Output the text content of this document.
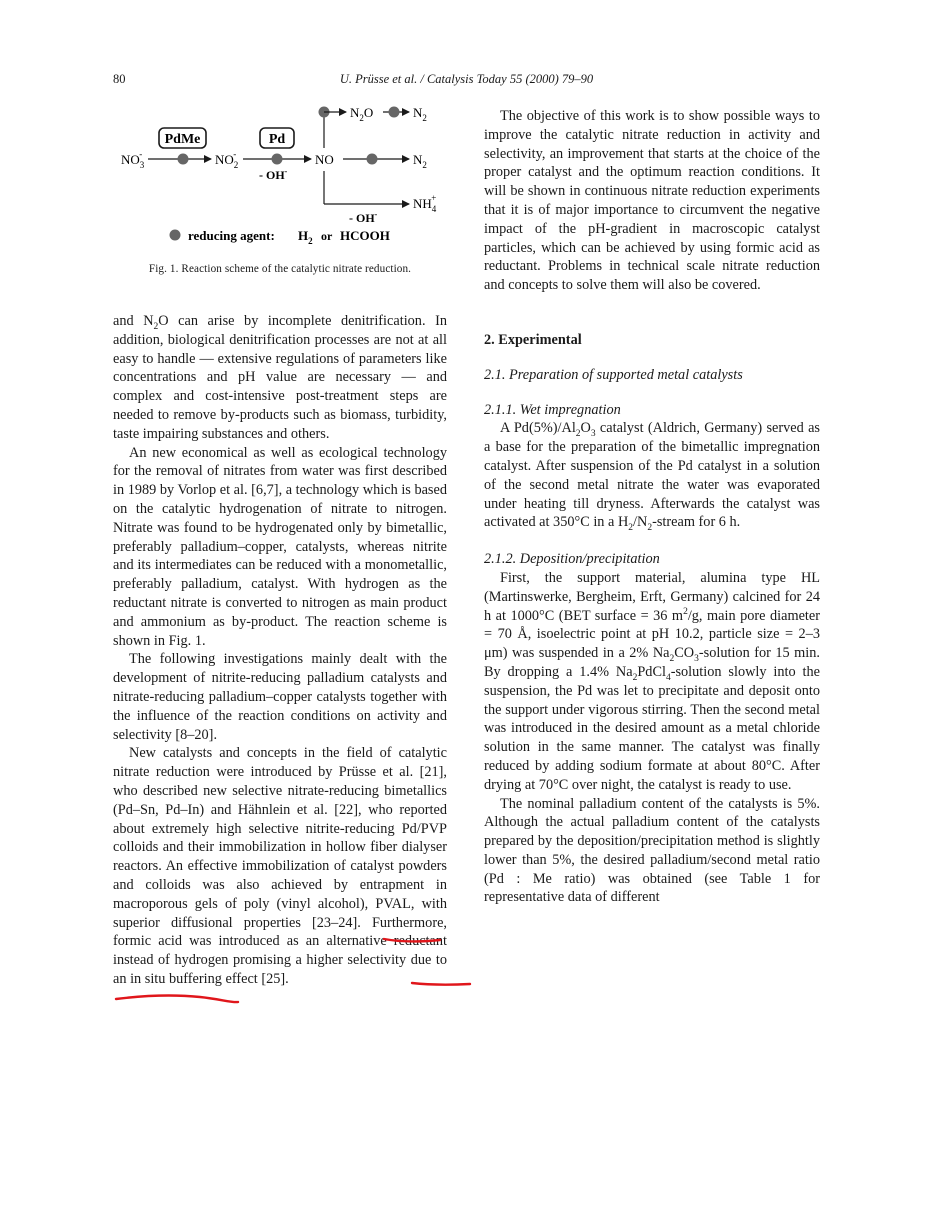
80	U. Prüsse et al. / Catalysis Today 55 (2000) 79–90
PdMe	Pd
$NO_3-$	$NO_2-$	NO	$N_2$
- OH-
$N_2O$	$N_2$
$NH_4+$
- OH-
reducing agent: $H_2$ or HCOOH
Fig. 1. Reaction scheme of the catalytic nitrate reduction.

and $N_2O$ can arise by incomplete denitrification. In addition, biological denitrification processes are not at all easy to handle — extensive regulations of parameters like concentrations and pH value are necessary — and complex and cost-intensive post-treatment steps are needed to remove by-products such as biomass, turbidity, taste impairing substances and others.

An new economical as well as ecological technology for the removal of nitrates from water was first described in 1989 by Vorlop et al. [6,7], a technology which is based on the catalytic hydrogenation of nitrate to nitrogen. Nitrate was found to be hydrogenated only by bimetallic, preferably palladium–copper, catalysts, whereas nitrite and its intermediates can be reduced with a monometallic, preferably palladium, catalyst. With hydrogen as the reductant nitrate is converted to nitrogen as main product and ammonium as by-product. The reaction scheme is shown in Fig. 1.

The following investigations mainly dealt with the development of nitrite-reducing palladium catalysts and nitrate-reducing palladium–copper catalysts together with the influence of the reaction conditions on activity and selectivity [8–20].

New catalysts and concepts in the field of catalytic nitrate reduction were introduced by Prüsse et al. [21], who described new selective nitrate-reducing bimetallics (Pd–Sn, Pd–In) and Hähnlein et al. [22], who reported about extremely high selective nitrite-reducing Pd/PVP colloids and their immobilization in hollow fiber dialyser reactors. An effective immobilization of catalyst powders and colloids was also achieved by entrapment in macroporous gels of poly (vinyl alcohol), PVAL, with superior diffusional properties [23–24]. Furthermore, formic acid was introduced as an alternative reductant instead of hydrogen promising a higher selectivity due to an in situ buffering effect [25].

The objective of this work is to show possible ways to improve the catalytic nitrate reduction in activity and selectivity, an improvement that starts at the choice of the proper catalyst and the optimum reaction conditions. It will be shown in continuous nitrate reduction experiments that it is of major importance to circumvent the negative impact of the pH-gradient in macroscopic catalyst particles, which can be achieved by using formic acid as reductant. Problems in technical scale nitrate reduction and concepts to solve them will also be covered.

2. Experimental

2.1. Preparation of supported metal catalysts

2.1.1. Wet impregnation

A $Pd(5\%)/Al_2O_3$ catalyst (Aldrich, Germany) served as a base for the preparation of the bimetallic impregnation catalyst. After suspension of the Pd catalyst in a solution of the second metal nitrate the water was evaporated under heating till dryness. Afterwards the catalyst was activated at 350°C in a $H_2/N_2$-stream for 6 h.

2.1.2. Deposition/precipitation

First, the support material, alumina type HL (Martinswerke, Bergheim, Erft, Germany) calcined for 24 h at 1000°C (BET surface = 36 $m^2/g$, main pore diameter = 70 Å, isoelectric point at pH 10.2, particle size = 2–3 μm) was suspended in a 2% $Na_2CO_3$-solution for 15 min. By dropping a 1.4% $Na_2PdCl_4$-solution slowly into the suspension, the Pd was let to precipitate and deposit onto the support under vigorous stirring. Then the second metal was introduced in the desired amount as a metal chloride solution in the same manner. The catalyst was finally reduced by adding sodium formate at about 80°C. After drying at 70°C over night, the catalyst is ready to use.

The nominal palladium content of the catalysts is 5%. Although the actual palladium content of the catalysts prepared by the deposition/precipitation method is slightly lower than 5%, the desired palladium/second metal ratio (Pd : Me ratio) was obtained (see Table 1 for representative data of different
